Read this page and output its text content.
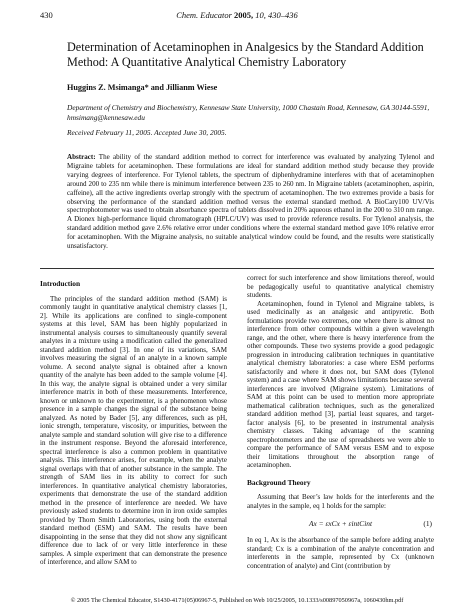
430	Chem. Educator 2005, 10, 430–436
Determination of Acetaminophen in Analgesics by the Standard Addition Method: A Quantitative Analytical Chemistry Laboratory
Huggins Z. Msimanga* and Jillianm Wiese
Department of Chemistry and Biochemistry, Kennesaw State University, 1000 Chastain Road, Kennesaw, GA 30144-5591, hmsimang@kennesaw.edu
Received February 11, 2005. Accepted June 30, 2005.
Abstract: The ability of the standard addition method to correct for interference was evaluated by analyzing Tylenol and Migraine tablets for acetaminophen. These formulations are ideal for standard addition method study because they provide varying degrees of interference. For Tylenol tablets, the spectrum of diphenhydramine interferes with that of acetaminophen around 200 to 235 nm while there is minimum interference between 235 to 260 nm. In Migraine tablets (acetaminophen, aspirin, caffeine), all the active ingredients overlap strongly with the spectrum of acetaminophen. The two extremes provide a basis for observing the performance of the standard addition method versus the external standard method. A BioCary100 UV/Vis spectrophotometer was used to obtain absorbance spectra of tablets dissolved in 20% aqueous ethanol in the 200 to 310 nm range. A Dionex high-performance liquid chromatograph (HPLC/UV) was used to provide reference results. For Tylenol analysis, the standard addition method gave 2.6% relative error under conditions where the external standard method gave 10% relative error for acetaminophen. With the Migraine analysis, no suitable analytical window could be found, and the results were statistically unsatisfactory.
Introduction

The principles of the standard addition method (SAM) is commonly taught in quantitative analytical chemistry classes [1, 2]. While its applications are confined to single-component systems at this level, SAM has been highly popularized in instrumental analysis courses to simultaneously quantify several analytes in a mixture using a modification called the generalized standard addition method [3]. In one of its variations, SAM involves measuring the signal of an analyte in a known sample volume. A second analyte signal is obtained after a known quantity of the analyte has been added to the sample volume [4]. In this way, the analyte signal is obtained under a very similar interference matrix in both of these measurements. Interference, known or unknown to the experimenter, is a phenomenon whose presence in a sample changes the signal of the substance being analyzed. As noted by Bader [5], any differences, such as pH, ionic strength, temperature, viscosity, or impurities, between the analyte sample and standard solution will give rise to a difference in the instrument response. Beyond the aforesaid interference, spectral interference is also a common problem in quantitative analysis. This interference arises, for example, when the analyte signal overlaps with that of another substance in the sample. The strength of SAM lies in its ability to correct for such interferences. In quantitative analytical chemistry laboratories, experiments that demonstrate the use of the standard addition method in the presence of interference are needed. We have previously asked students to determine iron in iron oxide samples provided by Thorn Smith Laboratories, using both the external standard method (ESM) and SAM. The results have been disappointing in the sense that they did not show any significant difference due to lack of or very little interference in these samples. A simple experiment that can demonstrate the presence of interference, and allow SAM to

correct for such interference and show limitations thereof, would be pedagogically useful to quantitative analytical chemistry students.

Acetaminophen, found in Tylenol and Migraine tablets, is used medicinally as an analgesic and antipyretic. Both formulations provide two extremes, one where there is almost no interference from other compounds within a given wavelength range, and the other, where there is heavy interference from the other compounds. These two systems provide a good pedagogic progression in introducing calibration techniques in quantitative analytical chemistry laboratories: a case where ESM performs satisfactorily and where it does not, but SAM does (Tylenol system) and a case where SAM shows limitations because several interferences are involved (Migraine system). Limitations of SAM at this point can be used to mention more appropriate mathematical calibration techniques, such as the generalized standard addition method [3], partial least squares, and target-factor analysis [6], to be presented in instrumental analysis chemistry classes. Taking advantage of the scanning spectrophotometers and the use of spreadsheets we were able to compare the performance of SAM versus ESM and to expose their limitations throughout the absorption range of acetaminophen.

Background Theory

Assuming that Beer’s law holds for the interferents and the analytes in the sample, eq 1 holds for the sample:

Ax = εxCx + εintCint	(1)

In eq 1, Ax is the absorbance of the sample before adding analyte standard; Cx is a combination of the analyte concentration and interferents in the sample, represented by Cx (unknown concentration of analyte) and Cint (contribution by

© 2005 The Chemical Educator, S1430-4171(05)06967-5, Published on Web 10/25/2005, 10.1333/s00897050967a, 1060430hm.pdf
